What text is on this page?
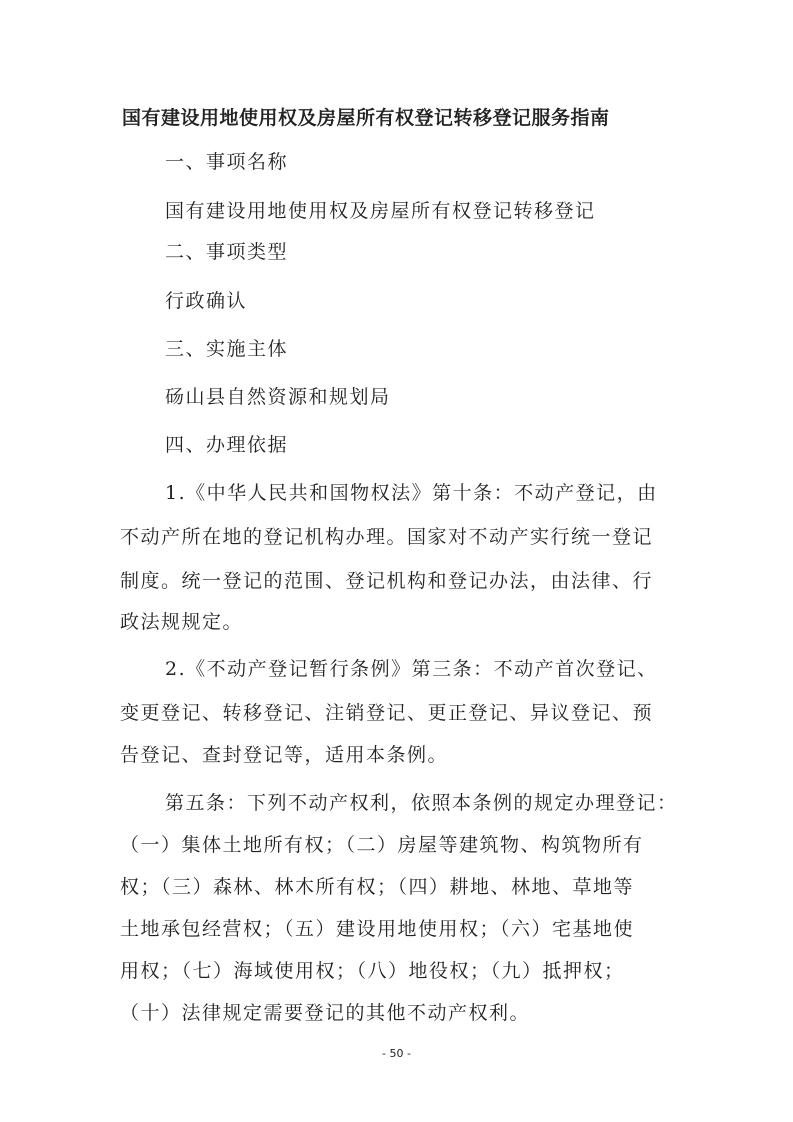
国有建设用地使用权及房屋所有权登记转移登记服务指南
一、事项名称
国有建设用地使用权及房屋所有权登记转移登记
二、事项类型
行政确认
三、实施主体
砀山县自然资源和规划局
四、办理依据
1.《中华人民共和国物权法》第十条：不动产登记，由
不动产所在地的登记机构办理。国家对不动产实行统一登记
制度。统一登记的范围、登记机构和登记办法，由法律、行
政法规规定。
2.《不动产登记暂行条例》第三条：不动产首次登记、
变更登记、转移登记、注销登记、更正登记、异议登记、预
告登记、查封登记等，适用本条例。
第五条：下列不动产权利，依照本条例的规定办理登记：
（一）集体土地所有权；（二）房屋等建筑物、构筑物所有
权；（三）森林、林木所有权；（四）耕地、林地、草地等
土地承包经营权；（五）建设用地使用权；（六）宅基地使
用权；（七）海域使用权；（八）地役权；（九）抵押权；
（十）法律规定需要登记的其他不动产权利。
- 50 -
